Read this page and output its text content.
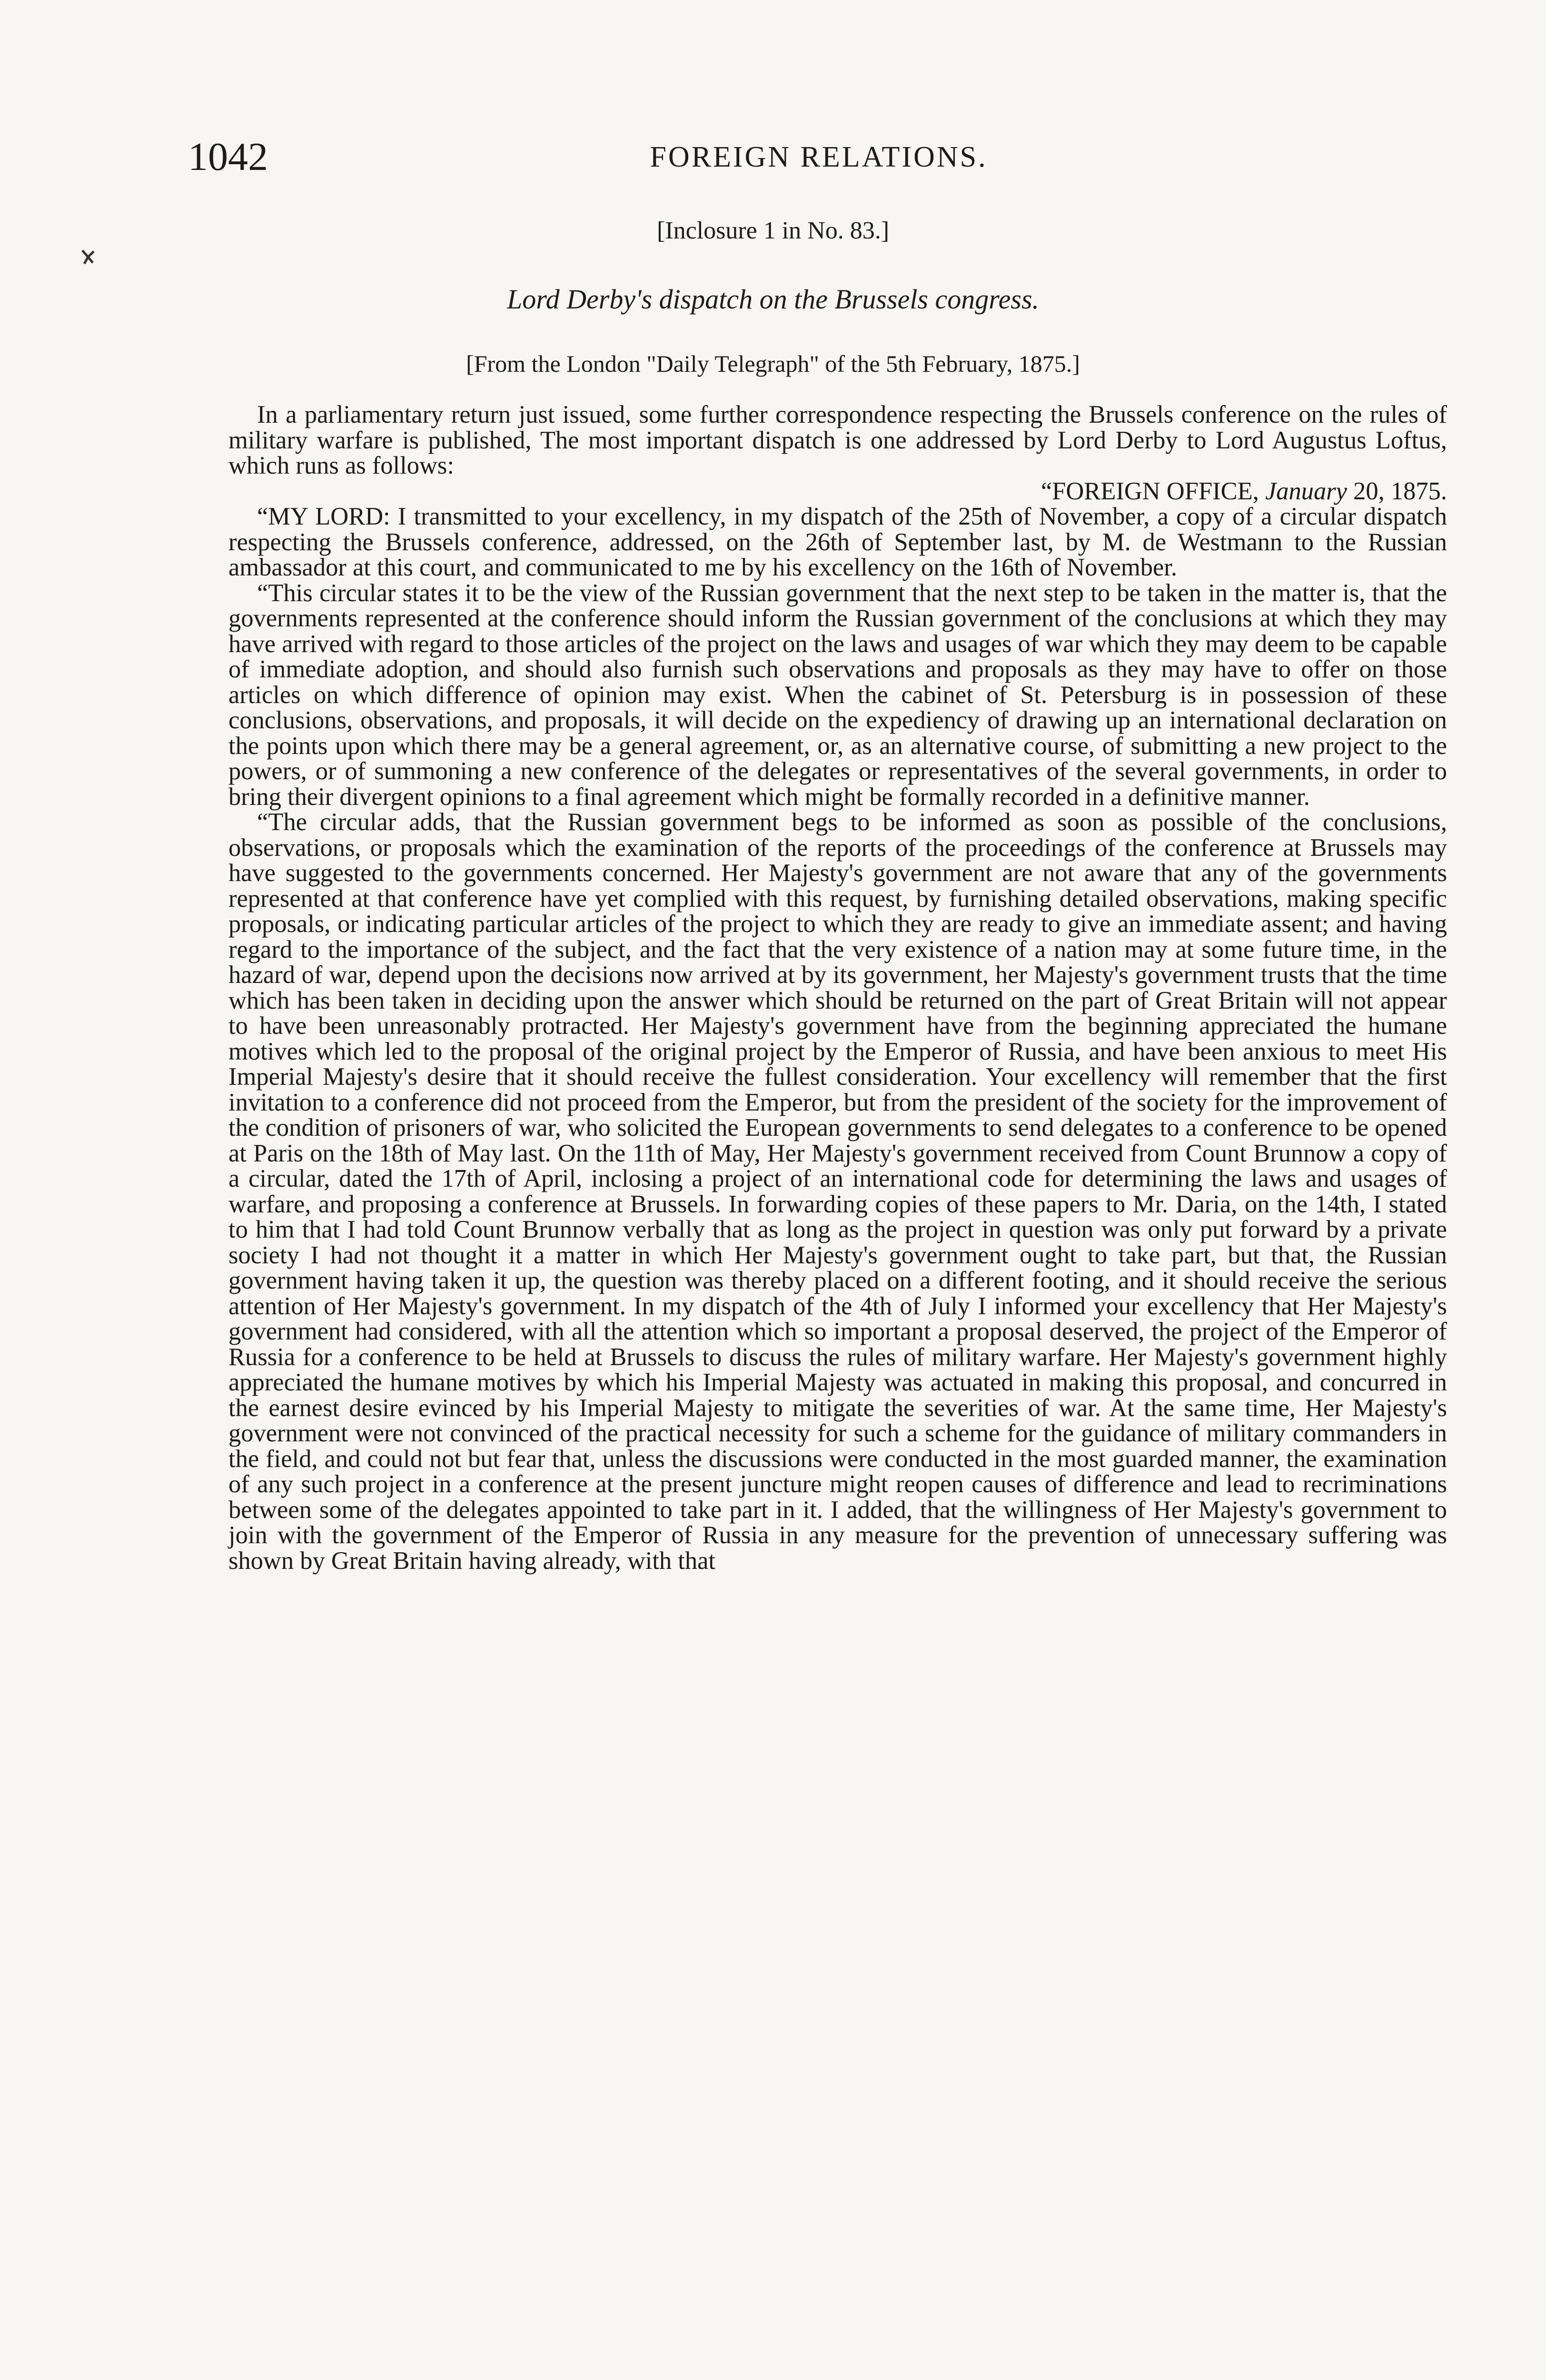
1042	FOREIGN RELATIONS.
[Inclosure 1 in No. 83.]
Lord Derby's dispatch on the Brussels congress.
[From the London "Daily Telegraph" of the 5th February, 1875.]

In a parliamentary return just issued, some further correspondence respecting the Brussels conference on the rules of military warfare is published, The most important dispatch is one addressed by Lord Derby to Lord Augustus Loftus, which runs as follows:

“FOREIGN OFFICE, January 20, 1875.

“MY LORD: I transmitted to your excellency, in my dispatch of the 25th of November, a copy of a circular dispatch respecting the Brussels conference, addressed, on the 26th of September last, by M. de Westmann to the Russian ambassador at this court, and communicated to me by his excellency on the 16th of November.

“This circular states it to be the view of the Russian government that the next step to be taken in the matter is, that the governments represented at the conference should inform the Russian government of the conclusions at which they may have arrived with regard to those articles of the project on the laws and usages of war which they may deem to be capable of immediate adoption, and should also furnish such observations and proposals as they may have to offer on those articles on which difference of opinion may exist. When the cabinet of St. Petersburg is in possession of these conclusions, observations, and proposals, it will decide on the expediency of drawing up an international declaration on the points upon which there may be a general agreement, or, as an alternative course, of submitting a new project to the powers, or of summoning a new conference of the delegates or representatives of the several governments, in order to bring their divergent opinions to a final agreement which might be formally recorded in a definitive manner.

“The circular adds, that the Russian government begs to be informed as soon as possible of the conclusions, observations, or proposals which the examination of the reports of the proceedings of the conference at Brussels may have suggested to the governments concerned. Her Majesty's government are not aware that any of the governments represented at that conference have yet complied with this request, by furnishing detailed observations, making specific proposals, or indicating particular articles of the project to which they are ready to give an immediate assent; and having regard to the importance of the subject, and the fact that the very existence of a nation may at some future time, in the hazard of war, depend upon the decisions now arrived at by its government, her Majesty's government trusts that the time which has been taken in deciding upon the answer which should be returned on the part of Great Britain will not appear to have been unreasonably protracted. Her Majesty's government have from the beginning appreciated the humane motives which led to the proposal of the original project by the Emperor of Russia, and have been anxious to meet His Imperial Majesty's desire that it should receive the fullest consideration. Your excellency will remember that the first invitation to a conference did not proceed from the Emperor, but from the president of the society for the improvement of the condition of prisoners of war, who solicited the European governments to send delegates to a conference to be opened at Paris on the 18th of May last. On the 11th of May, Her Majesty's government received from Count Brunnow a copy of a circular, dated the 17th of April, inclosing a project of an international code for determining the laws and usages of warfare, and proposing a conference at Brussels. In forwarding copies of these papers to Mr. Daria, on the 14th, I stated to him that I had told Count Brunnow verbally that as long as the project in question was only put forward by a private society I had not thought it a matter in which Her Majesty's government ought to take part, but that, the Russian government having taken it up, the question was thereby placed on a different footing, and it should receive the serious attention of Her Majesty's government. In my dispatch of the 4th of July I informed your excellency that Her Majesty's government had considered, with all the attention which so important a proposal deserved, the project of the Emperor of Russia for a conference to be held at Brussels to discuss the rules of military warfare. Her Majesty's government highly appreciated the humane motives by which his Imperial Majesty was actuated in making this proposal, and concurred in the earnest desire evinced by his Imperial Majesty to mitigate the severities of war. At the same time, Her Majesty's government were not convinced of the practical necessity for such a scheme for the guidance of military commanders in the field, and could not but fear that, unless the discussions were conducted in the most guarded manner, the examination of any such project in a conference at the present juncture might reopen causes of difference and lead to recriminations between some of the delegates appointed to take part in it. I added, that the willingness of Her Majesty's government to join with the government of the Emperor of Russia in any measure for the prevention of unnecessary suffering was shown by Great Britain having already, with that
